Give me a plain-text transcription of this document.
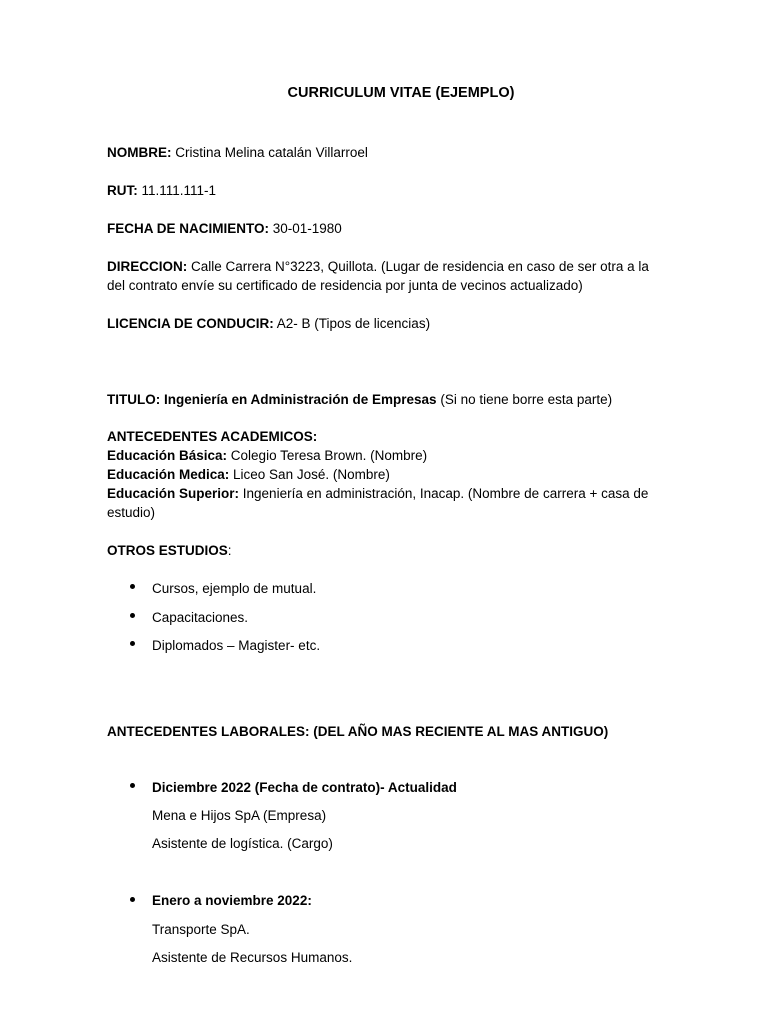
CURRICULUM VITAE (EJEMPLO)
NOMBRE: Cristina Melina catalán Villarroel
RUT: 11.111.111-1
FECHA DE NACIMIENTO: 30-01-1980
DIRECCION: Calle Carrera N°3223, Quillota. (Lugar de residencia en caso de ser otra a la del contrato envíe su certificado de residencia por junta de vecinos actualizado)
LICENCIA DE CONDUCIR: A2- B (Tipos de licencias)
TITULO: Ingeniería en Administración de Empresas (Si no tiene borre esta parte)
ANTECEDENTES ACADEMICOS:
Educación Básica: Colegio Teresa Brown. (Nombre)
Educación Medica: Liceo San José. (Nombre)
Educación Superior: Ingeniería en administración, Inacap. (Nombre de carrera + casa de estudio)
OTROS ESTUDIOS:
Cursos, ejemplo de mutual.
Capacitaciones.
Diplomados – Magister- etc.
ANTECEDENTES LABORALES: (DEL AÑO MAS RECIENTE AL MAS ANTIGUO)
Diciembre 2022 (Fecha de contrato)- Actualidad
Mena e Hijos SpA (Empresa)
Asistente de logística. (Cargo)
Enero a noviembre 2022:
Transporte SpA.
Asistente de Recursos Humanos.
